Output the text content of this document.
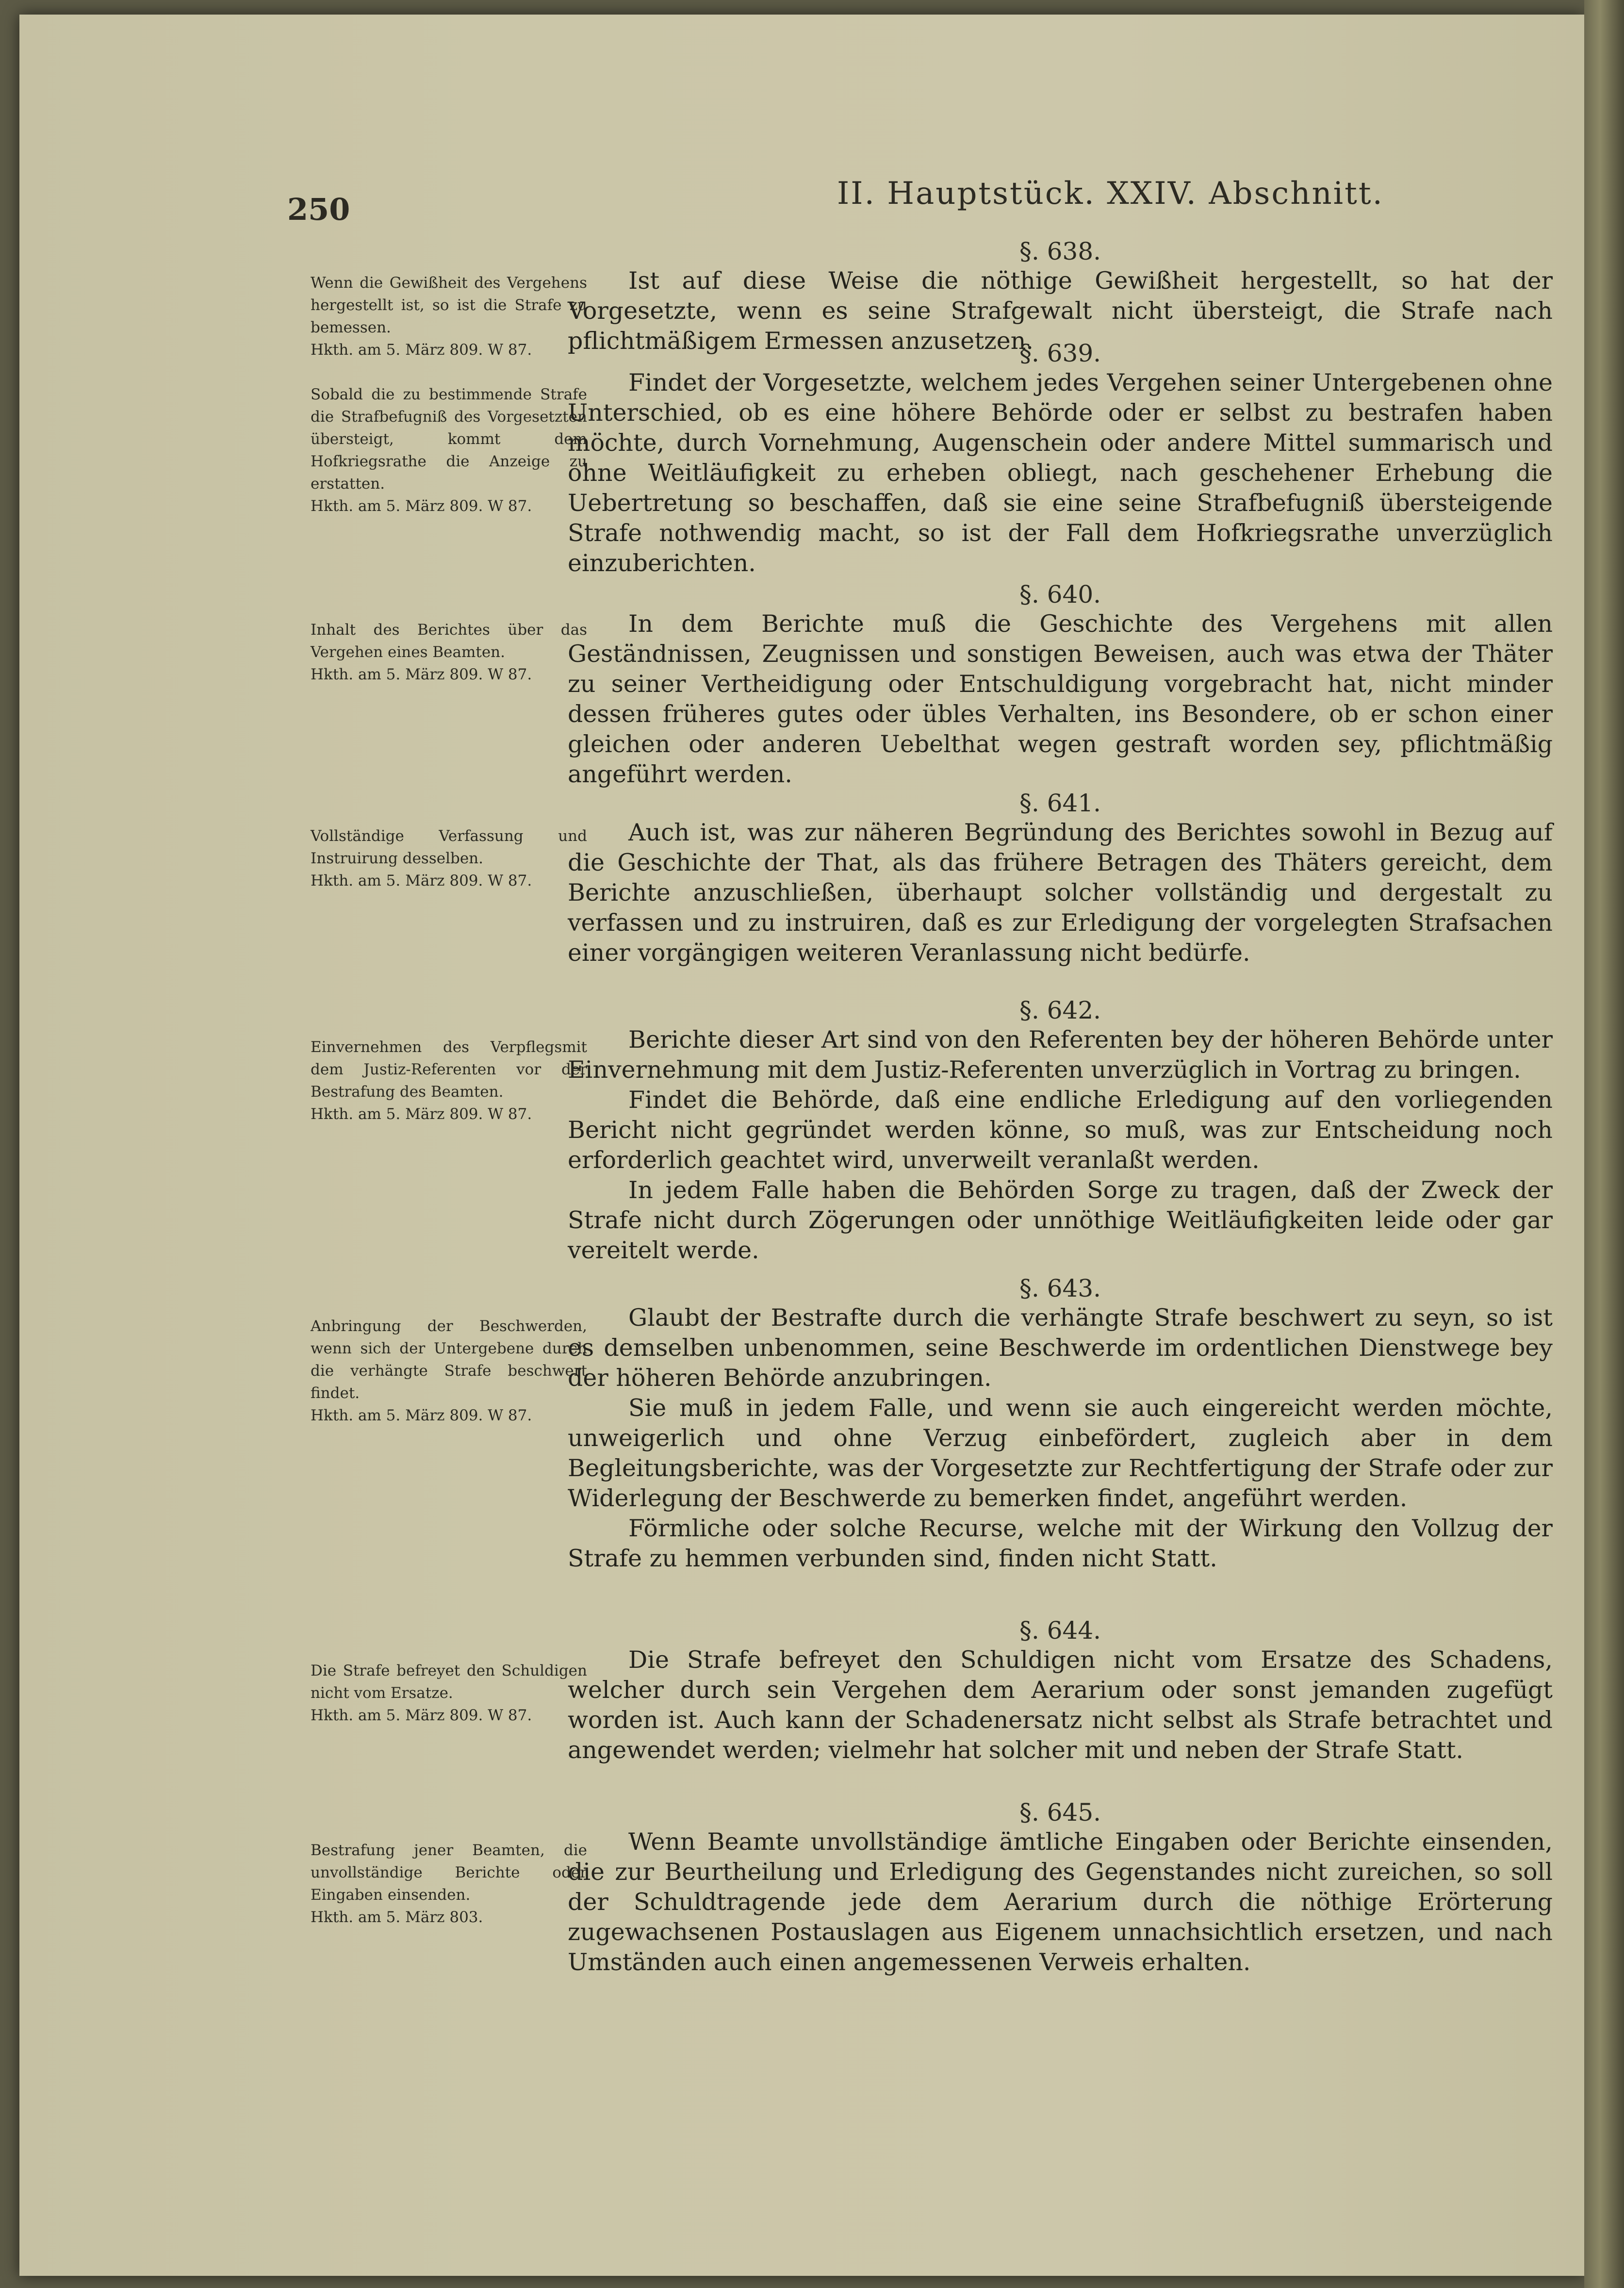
250	II. Hauptstück. XXIV. Abschnitt.
Wenn die Gewißheit des Vergehens hergestellt ist, so ist die Strafe zu bemessen.
Hkth. am 5. März 809. W 87.
§. 638.

Ist auf diese Weise die nöthige Gewißheit hergestellt, so hat der Vorgesetzte, wenn es seine Strafgewalt nicht übersteigt, die Strafe nach pflichtmäßigem Ermessen anzusetzen.

Sobald die zu bestimmende Strafe die Strafbefugniß des Vorgesetzten übersteigt, kommt dem Hofkriegsrathe die Anzeige zu erstatten.
Hkth. am 5. März 809. W 87.
§. 639.

Findet der Vorgesetzte, welchem jedes Vergehen seiner Untergebenen ohne Unterschied, ob es eine höhere Behörde oder er selbst zu bestrafen haben möchte, durch Vornehmung, Augenschein oder andere Mittel summarisch und ohne Weitläufigkeit zu erheben obliegt, nach geschehener Erhebung die Uebertretung so beschaffen, daß sie eine seine Strafbefugniß übersteigende Strafe nothwendig macht, so ist der Fall dem Hofkriegsrathe unverzüglich einzuberichten.

Inhalt des Berichtes über das Vergehen eines Beamten.
Hkth. am 5. März 809. W 87.
§. 640.

In dem Berichte muß die Geschichte des Vergehens mit allen Geständnissen, Zeugnissen und sonstigen Beweisen, auch was etwa der Thäter zu seiner Vertheidigung oder Entschuldigung vorgebracht hat, nicht minder dessen früheres gutes oder übles Verhalten, ins Besondere, ob er schon einer gleichen oder anderen Uebelthat wegen gestraft worden sey, pflichtmäßig angeführt werden.

Vollständige Verfassung und Instruirung desselben.
Hkth. am 5. März 809. W 87.
§. 641.

Auch ist, was zur näheren Begründung des Berichtes sowohl in Bezug auf die Geschichte der That, als das frühere Betragen des Thäters gereicht, dem Berichte anzuschließen, überhaupt solcher vollständig und dergestalt zu verfassen und zu instruiren, daß es zur Erledigung der vorgelegten Strafsachen einer vorgängigen weiteren Veranlassung nicht bedürfe.

Einvernehmen des Verpflegsmit dem Justiz-Referenten vor der Bestrafung des Beamten.
Hkth. am 5. März 809. W 87.
§. 642.

Berichte dieser Art sind von den Referenten bey der höheren Behörde unter Einvernehmung mit dem Justiz-Referenten unverzüglich in Vortrag zu bringen.

Findet die Behörde, daß eine endliche Erledigung auf den vorliegenden Bericht nicht gegründet werden könne, so muß, was zur Entscheidung noch erforderlich geachtet wird, unverweilt veranlaßt werden.

In jedem Falle haben die Behörden Sorge zu tragen, daß der Zweck der Strafe nicht durch Zögerungen oder unnöthige Weitläufigkeiten leide oder gar vereitelt werde.

Anbringung der Beschwerden, wenn sich der Untergebene durch die verhängte Strafe beschwert findet.
Hkth. am 5. März 809. W 87.
§. 643.

Glaubt der Bestrafte durch die verhängte Strafe beschwert zu seyn, so ist es demselben unbenommen, seine Beschwerde im ordentlichen Dienstwege bey der höheren Behörde anzubringen.

Sie muß in jedem Falle, und wenn sie auch eingereicht werden möchte, unweigerlich und ohne Verzug einbefördert, zugleich aber in dem Begleitungsberichte, was der Vorgesetzte zur Rechtfertigung der Strafe oder zur Widerlegung der Beschwerde zu bemerken findet, angeführt werden.

Förmliche oder solche Recurse, welche mit der Wirkung den Vollzug der Strafe zu hemmen verbunden sind, finden nicht Statt.

Die Strafe befreyet den Schuldigen nicht vom Ersatze.
Hkth. am 5. März 809. W 87.
§. 644.

Die Strafe befreyet den Schuldigen nicht vom Ersatze des Schadens, welcher durch sein Vergehen dem Aerarium oder sonst jemanden zugefügt worden ist. Auch kann der Schadenersatz nicht selbst als Strafe betrachtet und angewendet werden; vielmehr hat solcher mit und neben der Strafe Statt.

Bestrafung jener Beamten, die unvollständige Berichte oder Eingaben einsenden.
Hkth. am 5. März 803.
§. 645.

Wenn Beamte unvollständige ämtliche Eingaben oder Berichte einsenden, die zur Beurtheilung und Erledigung des Gegenstandes nicht zureichen, so soll der Schuldtragende jede dem Aerarium durch die nöthige Erörterung zugewachsenen Postauslagen aus Eigenem unnachsichtlich ersetzen, und nach Umständen auch einen angemessenen Verweis erhalten.
